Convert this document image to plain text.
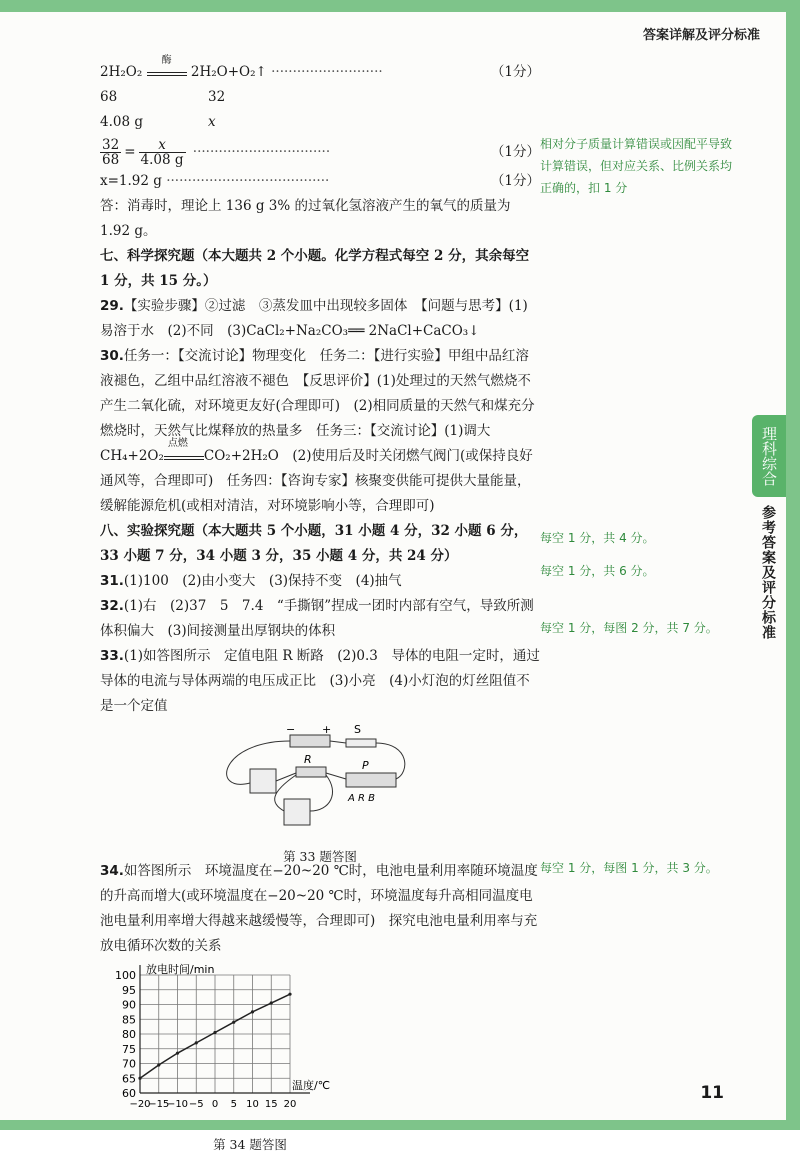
答案详解及评分标准
理科综合
参考答案及评分标准
11
2H₂O₂
酶
2H₂O+O₂↑ ··························	（1分）
68	32
4.08 g	x
$\frac{32}{68} = \frac{x}{4.08 g}$ ································	（1分）
x=1.92 g ······································	（1分）
答：消毒时，理论上 136 g 3% 的过氧化氢溶液产生的氧气的质量为 1.92 g。
七、科学探究题（本大题共 2 个小题。化学方程式每空 2 分，其余每空 1 分，共 15 分。）
29.【实验步骤】②过滤　③蒸发皿中出现较多固体　【问题与思考】(1)易溶于水　(2)不同　(3)CaCl₂+Na₂CO₃══ 2NaCl+CaCO₃↓
30.任务一：【交流讨论】物理变化　任务二：【进行实验】甲组中品红溶液褪色，乙组中品红溶液不褪色　【反思评价】(1)处理过的天然气燃烧不产生二氧化硫，对环境更友好(合理即可)　(2)相同质量的天然气和煤充分燃烧时，天然气比煤释放的热量多　任务三：【交流讨论】(1)调大
CH₄+2O₂
点燃
CO₂+2H₂O　(2)使用后及时关闭燃气阀门(或保持良好通风等，合理即可)　任务四：【咨询专家】核聚变供能可提供大量能量，缓解能源危机(或相对清洁，对环境影响小等，合理即可)
八、实验探究题（本大题共 5 个小题，31 小题 4 分，32 小题 6 分，33 小题 7 分，34 小题 3 分，35 小题 4 分，共 24 分）
31.(1)100　(2)由小变大　(3)保持不变　(4)抽气
32.(1)右　(2)37　5　7.4　“手撕钢”捏成一团时内部有空气，导致所测体积偏大　(3)间接测量出厚钢块的体积
33.(1)如答图所示　定值电阻 R 断路　(2)0.3　导体的电阻一定时，通过导体的电流与导体两端的电压成正比　(3)小亮　(4)小灯泡的灯丝阻值不是一个定值
− + S
R	P
A R B
第 33 题答图
34.如答图所示　环境温度在−20~20 ℃时，电池电量利用率随环境温度的升高而增大(或环境温度在−20~20 ℃时，环境温度每升高相同温度电池电量利用率增大得越来越缓慢等，合理即可)　探究电池电量利用率与充放电循环次数的关系
60
65
70
75
80
85
90
95
100
−20
−15
−10 −5 0 5 10 15 20
放电时间/min
温度/℃
第 34 题答图
相对分子质量计算错误或因配平导致计算错误，但对应关系、比例关系均正确的，扣 1 分
每空 1 分，共 4 分。
每空 1 分，共 6 分。
每空 1 分，每图 2 分，共 7 分。
每空 1 分，每图 1 分，共 3 分。
